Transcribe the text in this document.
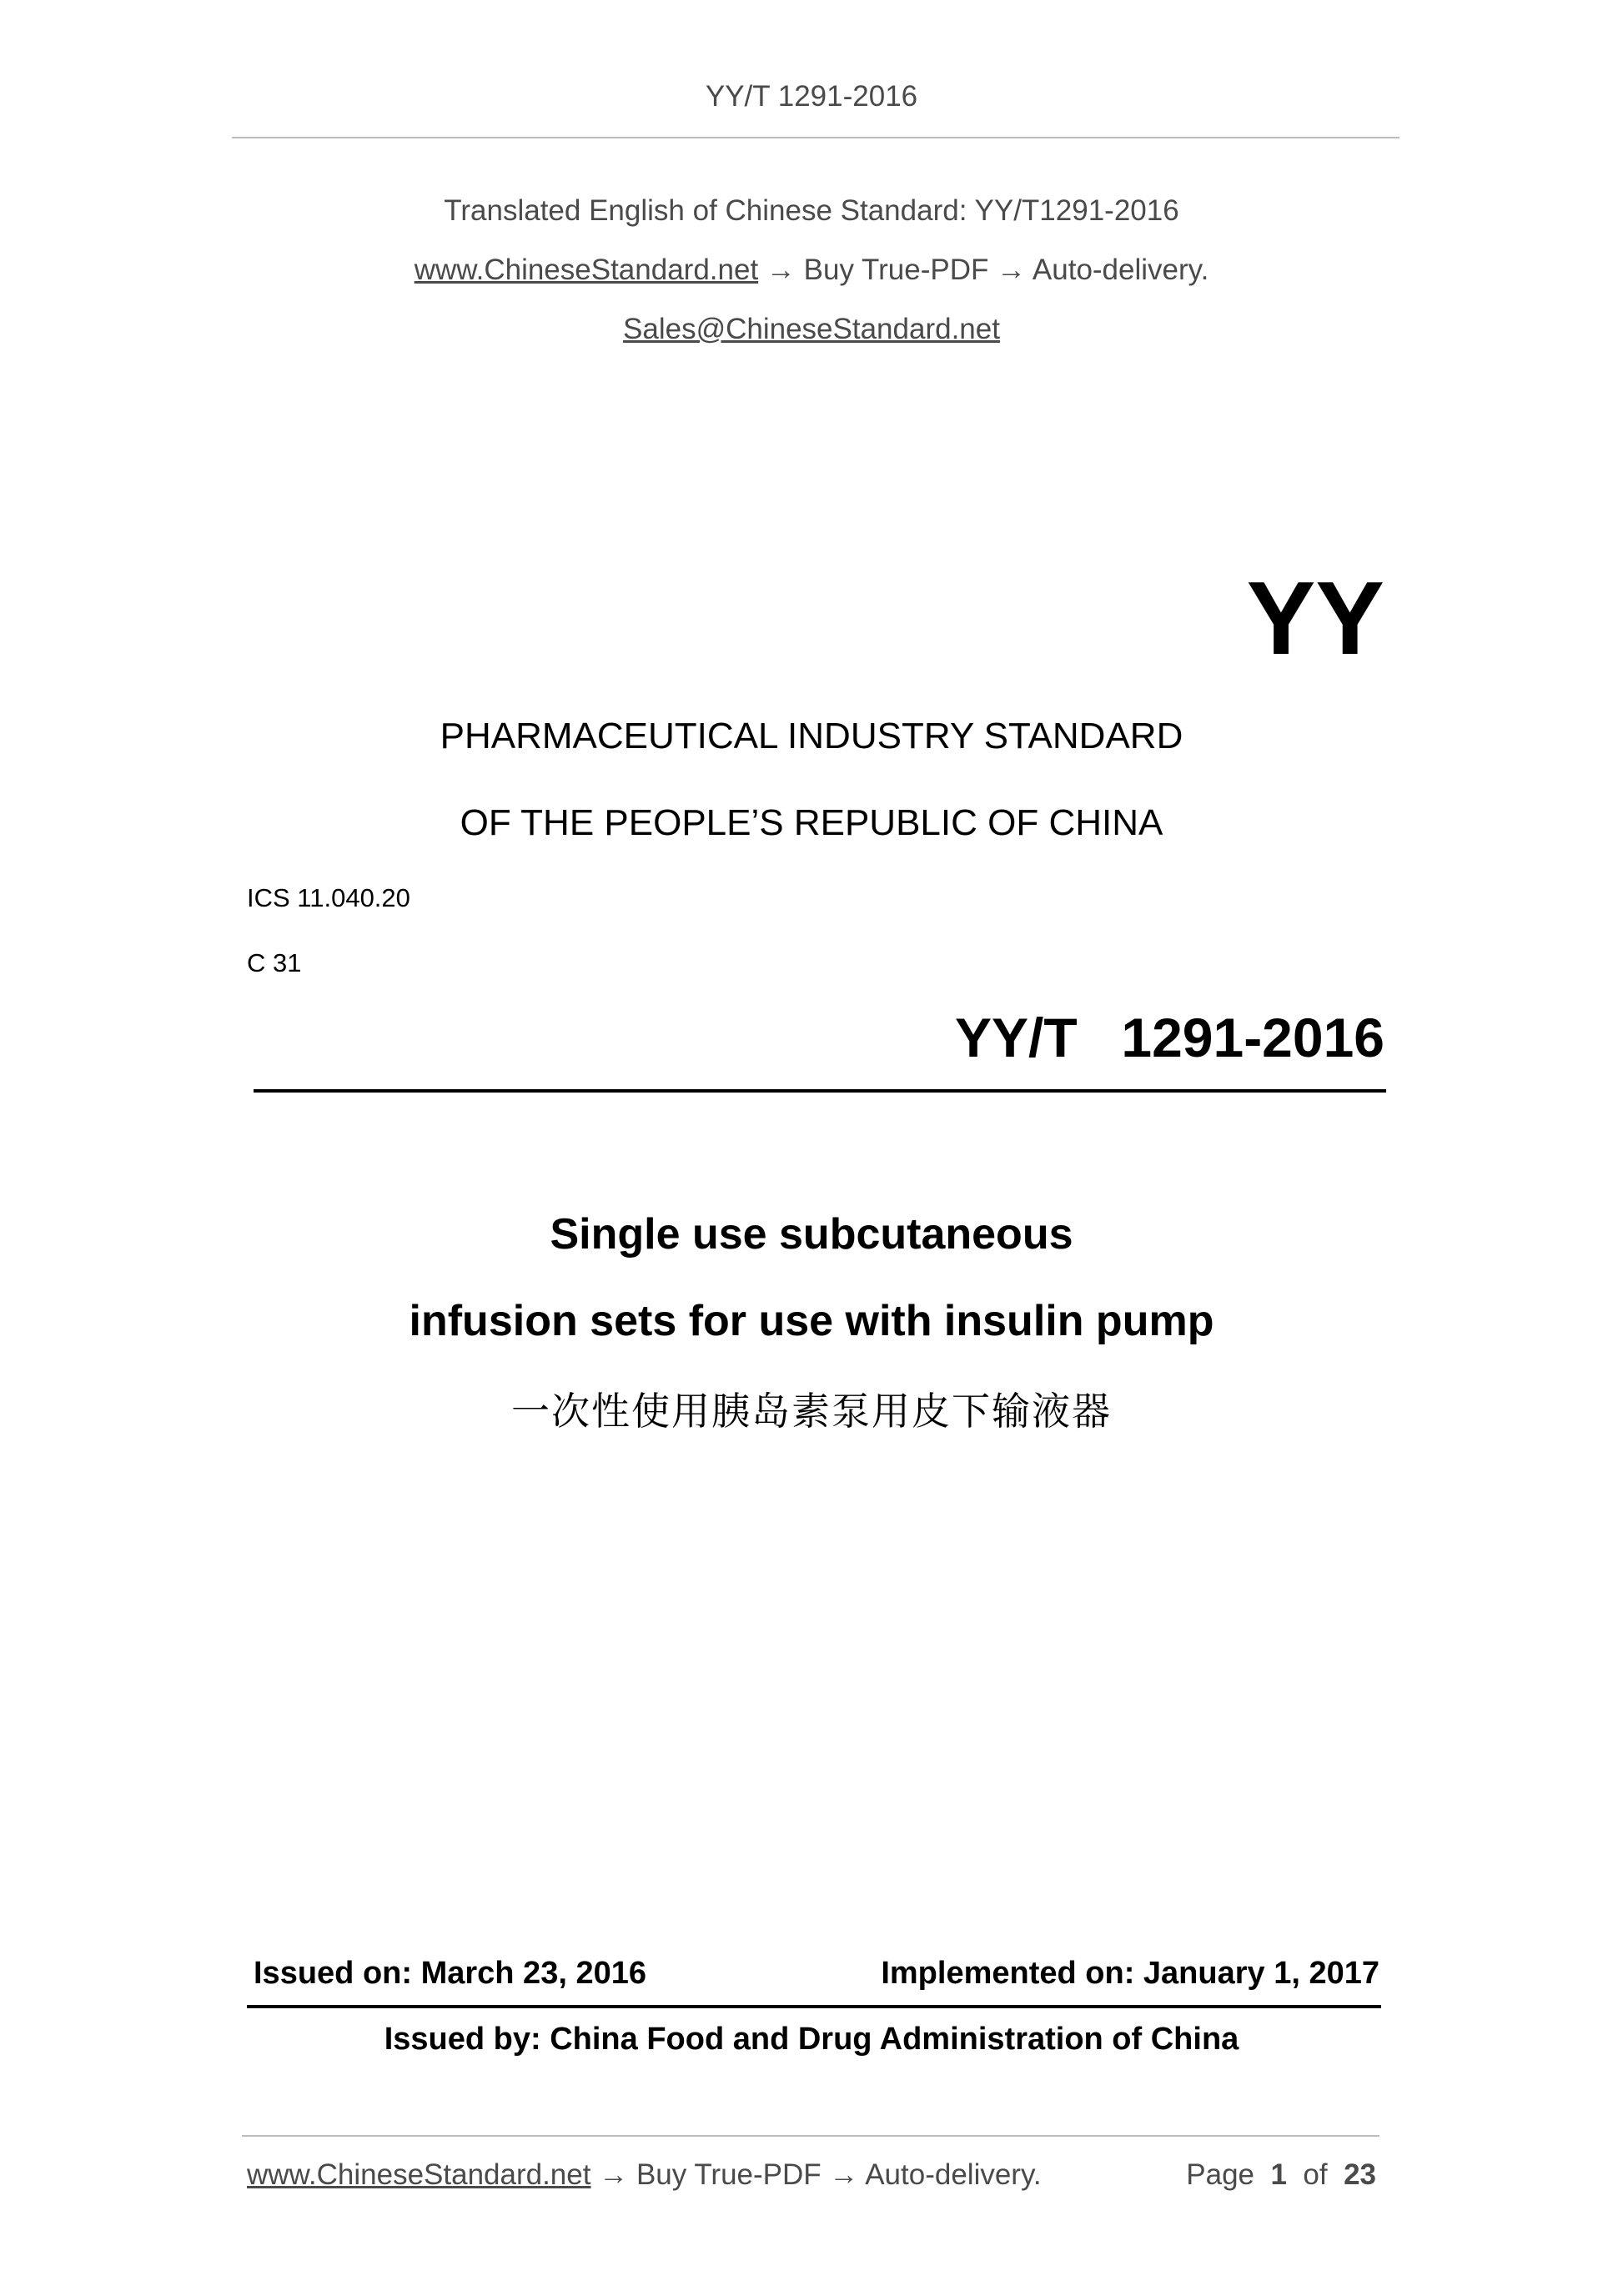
YY/T 1291-2016
Translated English of Chinese Standard: YY/T1291-2016
www.ChineseStandard.net → Buy True-PDF → Auto-delivery.
Sales@ChineseStandard.net
YY
PHARMACEUTICAL INDUSTRY STANDARD
OF THE PEOPLE’S REPUBLIC OF CHINA
ICS 11.040.20
C 31
YY/T  1291-2016
Single use subcutaneous
infusion sets for use with insulin pump
一次性使用胰岛素泵用皮下输液器
Issued on: March 23, 2016	Implemented on: January 1, 2017
Issued by: China Food and Drug Administration of China
www.ChineseStandard.net → Buy True-PDF → Auto-delivery.	Page 1 of 23
